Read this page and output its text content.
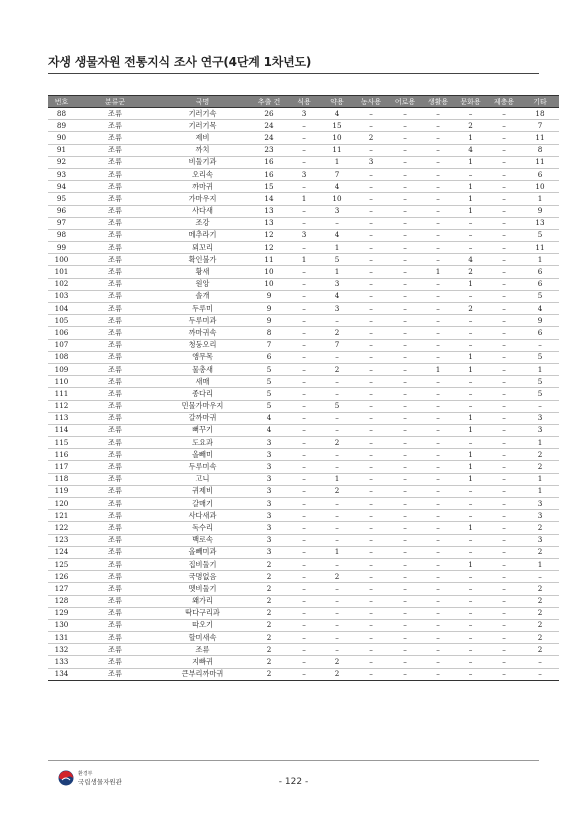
자생 생물자원 전통지식 조사 연구(4단계 1차년도)
번호	분류군	국명	추출 건	식용	약용	농사용	어로용	생활용	문화용	제충용	기타
88	조류	기러기속	26	3	4	–	–	–	–	–	18
89	조류	기러기목	24	–	15	–	–	–	2	–	7
90	조류	제비	24	–	10	2	–	–	1	–	11
91	조류	까치	23	–	11	–	–	–	4	–	8
92	조류	비둘기과	16	–	1	3	–	–	1	–	11
93	조류	오리속	16	3	7	–	–	–	–	–	6
94	조류	까마귀	15	–	4	–	–	–	1	–	10
95	조류	가마우지	14	1	10	–	–	–	1	–	1
96	조류	사다새	13	–	3	–	–	–	1	–	9
97	조류	조강	13	–	–	–	–	–	–	–	13
98	조류	메추라기	12	3	4	–	–	–	–	–	5
99	조류	뫼꼬리	12	–	1	–	–	–	–	–	11
100	조류	확인불가	11	1	5	–	–	–	4	–	1
101	조류	황새	10	–	1	–	–	1	2	–	6
102	조류	원앙	10	–	3	–	–	–	1	–	6
103	조류	솔개	9	–	4	–	–	–	–	–	5
104	조류	두루미	9	–	3	–	–	–	2	–	4
105	조류	두루미과	9	–	–	–	–	–	–	–	9
106	조류	까마귀속	8	–	2	–	–	–	–	–	6
107	조류	청둥오리	7	–	7	–	–	–	–	–	–
108	조류	앵무목	6	–	–	–	–	–	1	–	5
109	조류	물총새	5	–	2	–	–	1	1	–	1
110	조류	새매	5	–	–	–	–	–	–	–	5
111	조류	종다리	5	–	–	–	–	–	–	–	5
112	조류	민물가마우지	5	–	5	–	–	–	–	–	–
113	조류	갈까마귀	4	–	–	–	–	–	1	–	3
114	조류	뻐꾸기	4	–	–	–	–	–	1	–	3
115	조류	도요과	3	–	2	–	–	–	–	–	1
116	조류	올빼미	3	–	–	–	–	–	1	–	2
117	조류	두루미속	3	–	–	–	–	–	1	–	2
118	조류	고니	3	–	1	–	–	–	1	–	1
119	조류	귀제비	3	–	2	–	–	–	–	–	1
120	조류	갈매기	3	–	–	–	–	–	–	–	3
121	조류	사다새과	3	–	–	–	–	–	–	–	3
122	조류	독수리	3	–	–	–	–	–	1	–	2
123	조류	백로속	3	–	–	–	–	–	–	–	3
124	조류	올빼미과	3	–	1	–	–	–	–	–	2
125	조류	집비둘기	2	–	–	–	–	–	1	–	1
126	조류	국명없음	2	–	2	–	–	–	–	–	–
127	조류	멧비둘기	2	–	–	–	–	–	–	–	2
128	조류	왜가리	2	–	–	–	–	–	–	–	2
129	조류	딱다구리과	2	–	–	–	–	–	–	–	2
130	조류	따오기	2	–	–	–	–	–	–	–	2
131	조류	할미새속	2	–	–	–	–	–	–	–	2
132	조류	조류	2	–	–	–	–	–	–	–	2
133	조류	지빠귀	2	–	2	–	–	–	–	–	–
134	조류	큰부리까마귀	2	–	2	–	–	–	–	–	–
환경부
국립생물자원관	- 122 -
